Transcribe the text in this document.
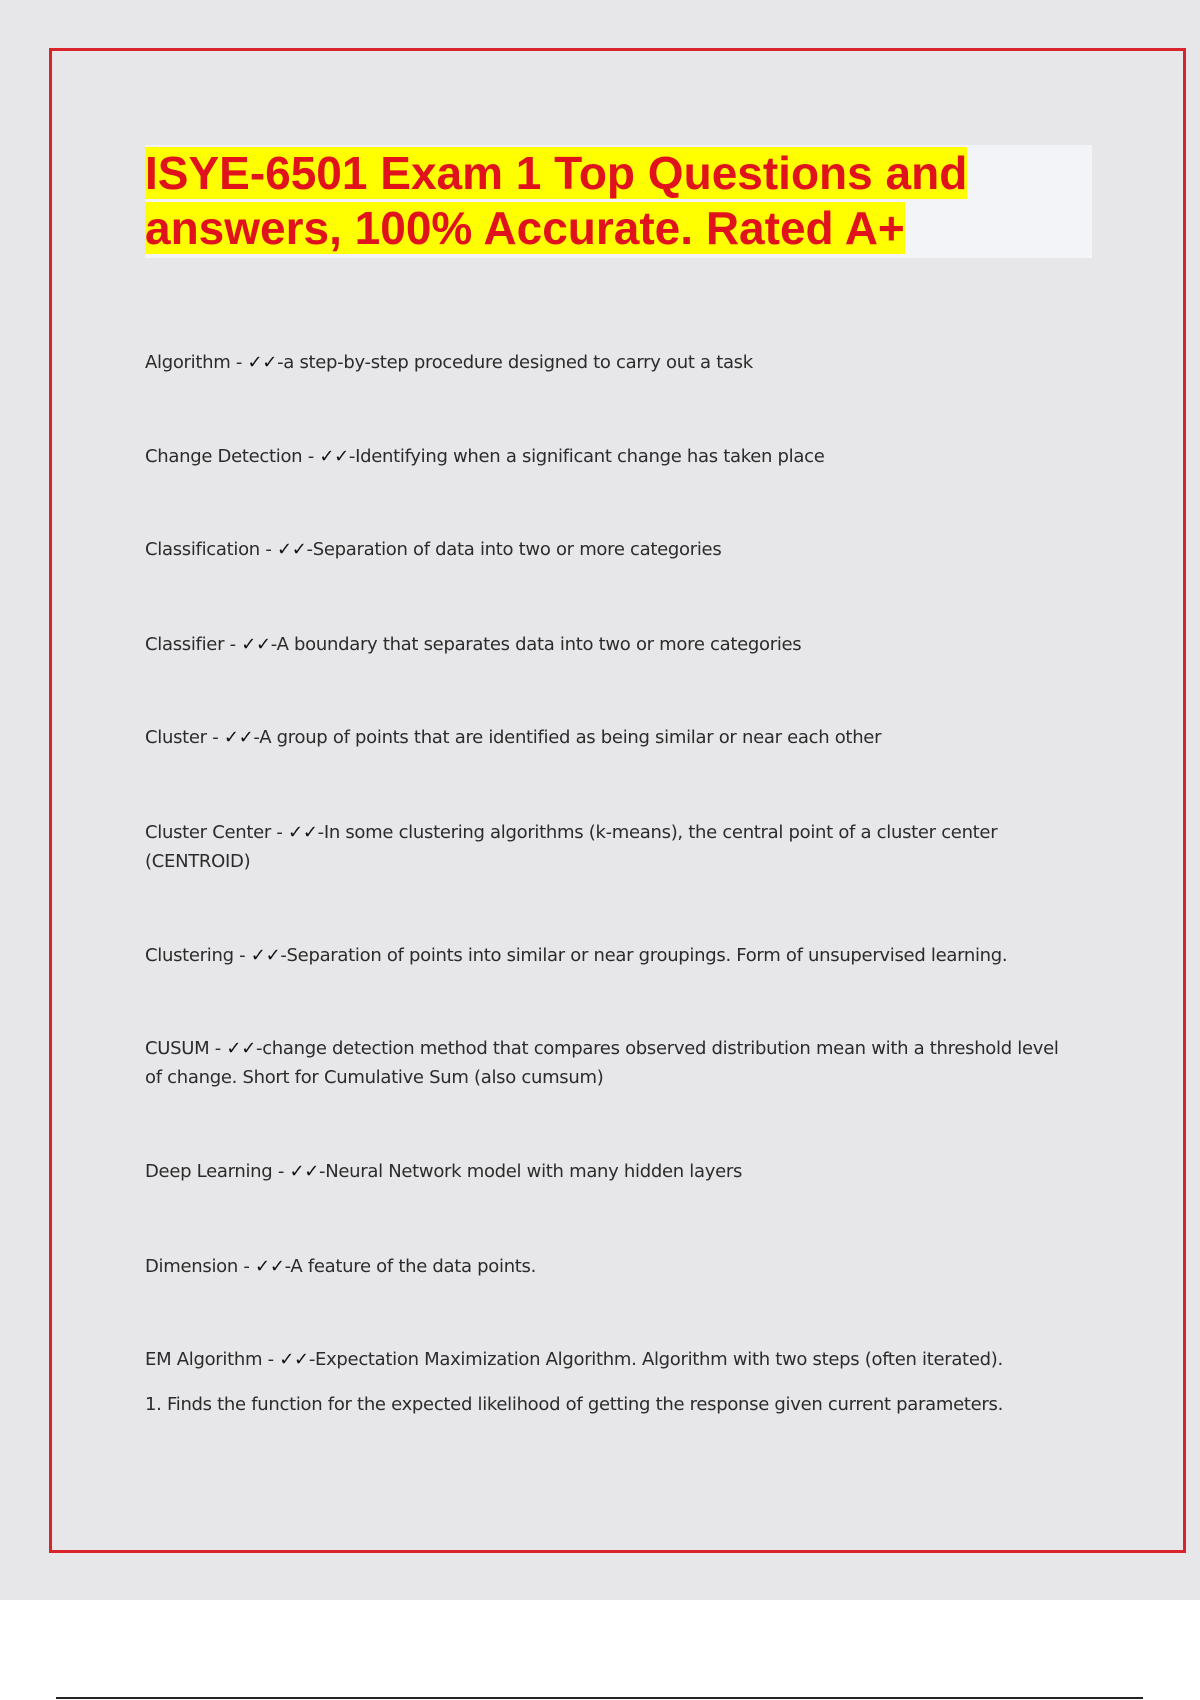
ISYE-6501 Exam 1 Top Questions and answers, 100% Accurate. Rated A+

Algorithm - ✓✓-a step-by-step procedure designed to carry out a task

Change Detection - ✓✓-Identifying when a significant change has taken place

Classification - ✓✓-Separation of data into two or more categories

Classifier - ✓✓-A boundary that separates data into two or more categories

Cluster - ✓✓-A group of points that are identified as being similar or near each other

Cluster Center - ✓✓-In some clustering algorithms (k-means), the central point of a cluster center (CENTROID)

Clustering - ✓✓-Separation of points into similar or near groupings. Form of unsupervised learning.

CUSUM - ✓✓-change detection method that compares observed distribution mean with a threshold level of change. Short for Cumulative Sum (also cumsum)

Deep Learning - ✓✓-Neural Network model with many hidden layers

Dimension - ✓✓-A feature of the data points.

EM Algorithm - ✓✓-Expectation Maximization Algorithm. Algorithm with two steps (often iterated).
1. Finds the function for the expected likelihood of getting the response given current parameters.
